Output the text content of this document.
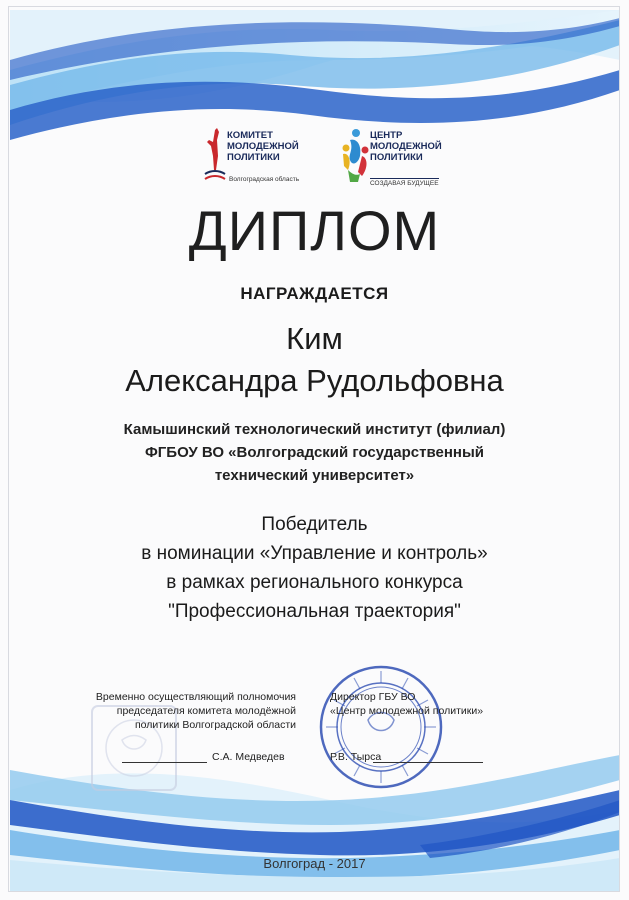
КОМИТЕТ
МОЛОДЕЖНОЙ
ПОЛИТИКИ
Волгоградская область
ЦЕНТР
МОЛОДЕЖНОЙ
ПОЛИТИКИ
СОЗДАВАЯ БУДУЩЕЕ
ДИПЛОМ
НАГРАЖДАЕТСЯ
Ким
Александра Рудольфовна
Камышинский технологический институт (филиал)
ФГБОУ ВО «Волгоградский государственный
технический университет»
Победитель
в номинации «Управление и контроль»
в рамках регионального конкурса
"Профессиональная траектория"
Временно осуществляющий полномочия
председателя комитета молодёжной
политики Волгоградской области
С.А. Медведев
Директор ГБУ ВО
«Центр молодежной политики»
Р.В. Тырса
Волгоград - 2017
